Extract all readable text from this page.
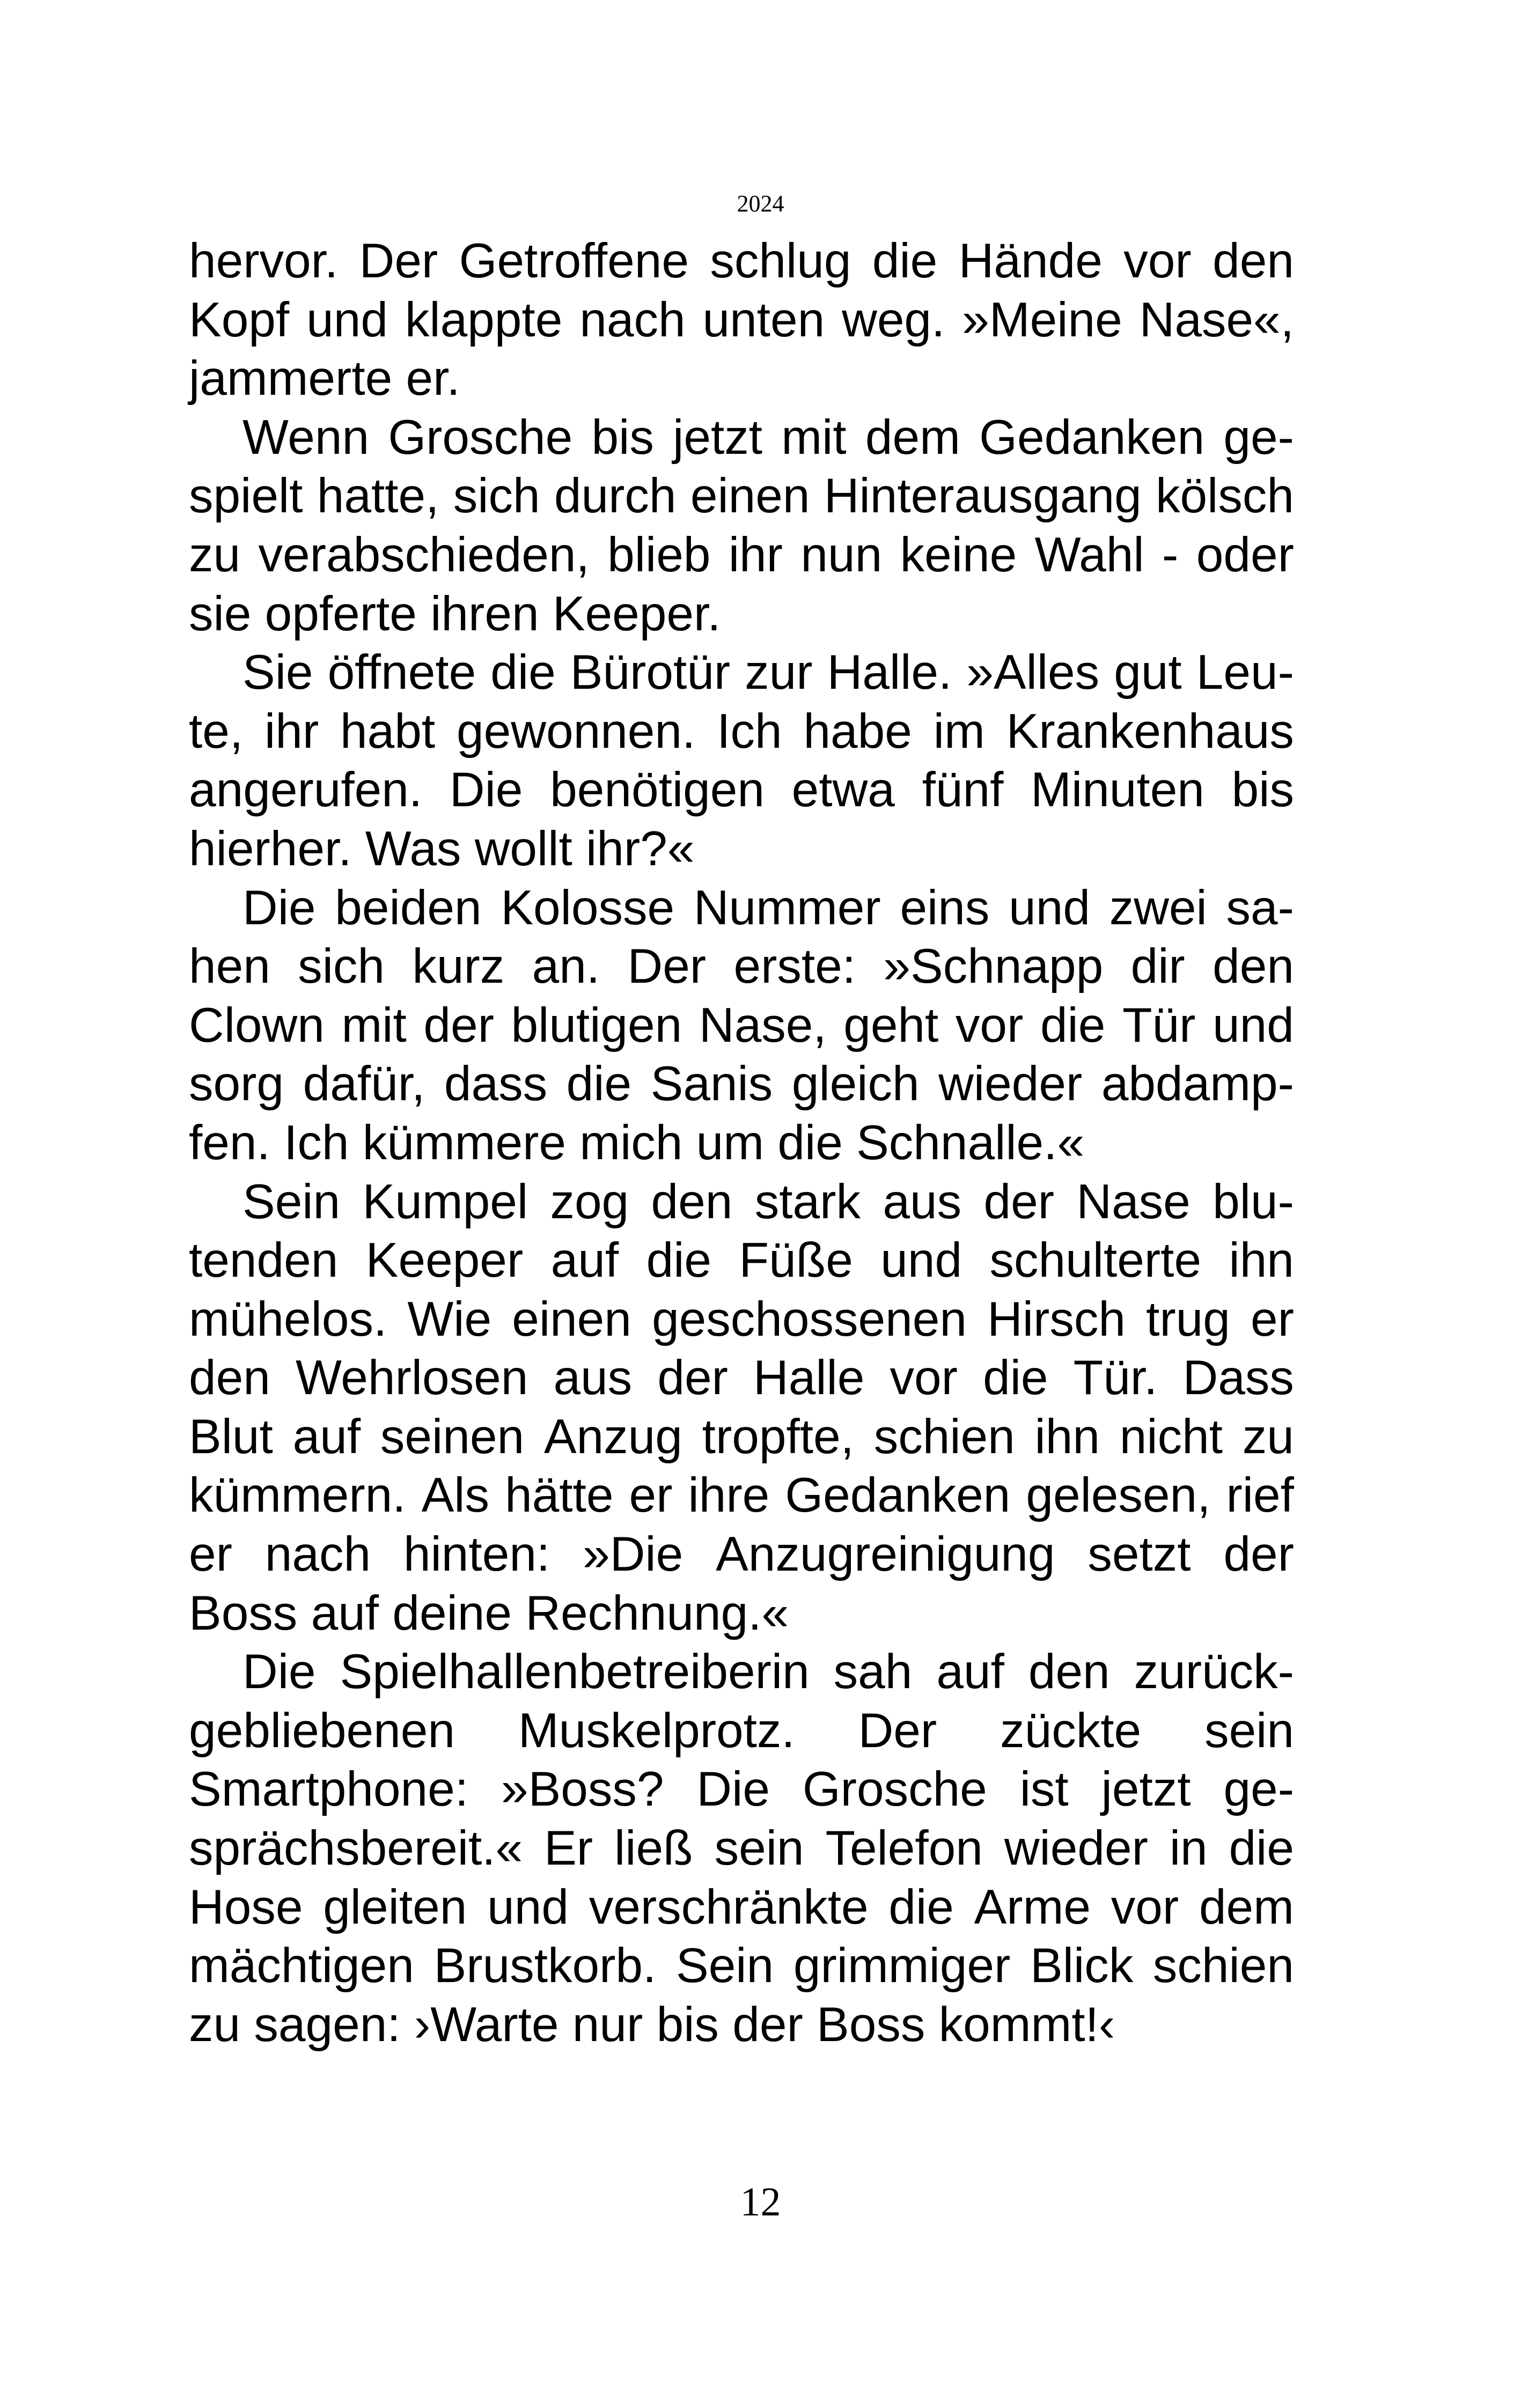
2024
hervor. Der Getroffene schlug die Hände vor den
Kopf und klappte nach unten weg. »Meine Nase«,
jammerte er.
Wenn Grosche bis jetzt mit dem Gedanken ge-
spielt hatte, sich durch einen Hinterausgang kölsch
zu verabschieden, blieb ihr nun keine Wahl - oder
sie opferte ihren Keeper.
Sie öffnete die Bürotür zur Halle. »Alles gut Leu-
te, ihr habt gewonnen. Ich habe im Krankenhaus
angerufen. Die benötigen etwa fünf Minuten bis
hierher. Was wollt ihr?«
Die beiden Kolosse Nummer eins und zwei sa-
hen sich kurz an. Der erste: »Schnapp dir den
Clown mit der blutigen Nase, geht vor die Tür und
sorg dafür, dass die Sanis gleich wieder abdamp-
fen. Ich kümmere mich um die Schnalle.«
Sein Kumpel zog den stark aus der Nase blu-
tenden Keeper auf die Füße und schulterte ihn
mühelos. Wie einen geschossenen Hirsch trug er
den Wehrlosen aus der Halle vor die Tür. Dass
Blut auf seinen Anzug tropfte, schien ihn nicht zu
kümmern. Als hätte er ihre Gedanken gelesen, rief
er nach hinten: »Die Anzugreinigung setzt der
Boss auf deine Rechnung.«
Die Spielhallenbetreiberin sah auf den zurück-
gebliebenen Muskelprotz. Der zückte sein
Smartphone: »Boss? Die Grosche ist jetzt ge-
sprächsbereit.« Er ließ sein Telefon wieder in die
Hose gleiten und verschränkte die Arme vor dem
mächtigen Brustkorb. Sein grimmiger Blick schien
zu sagen: ›Warte nur bis der Boss kommt!‹
12
